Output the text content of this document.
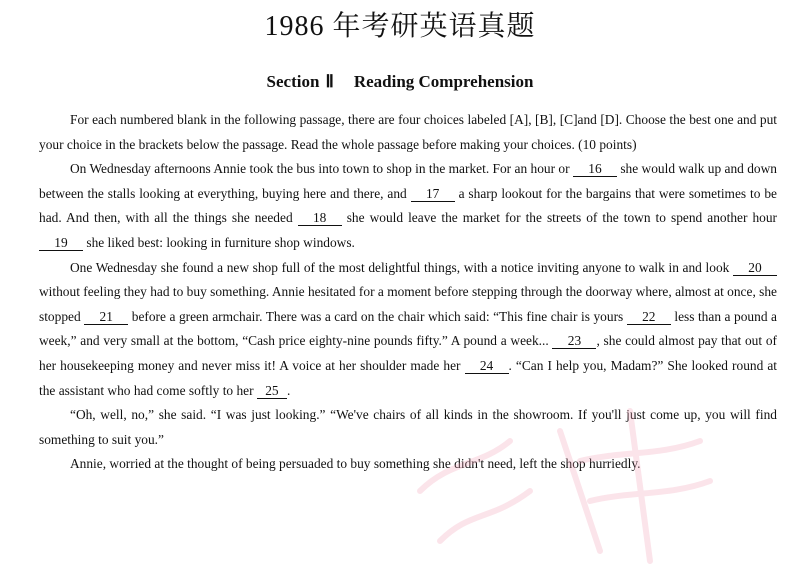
1986 年考研英语真题
Section Ⅱ Reading Comprehension

For each numbered blank in the following passage, there are four choices labeled [A], [B], [C]and [D]. Choose the best one and put your choice in the brackets below the passage. Read the whole passage before making your choices. (10 points)

On Wednesday afternoons Annie took the bus into town to shop in the market. For an hour or 16 she would walk up and down between the stalls looking at everything, buying here and there, and 17 a sharp lookout for the bargains that were sometimes to be had. And then, with all the things she needed 18 she would leave the market for the streets of the town to spend another hour 19 she liked best: looking in furniture shop windows.

One Wednesday she found a new shop full of the most delightful things, with a notice inviting anyone to walk in and look 20 without feeling they had to buy something. Annie hesitated for a moment before stepping through the doorway where, almost at once, she stopped 21 before a green armchair. There was a card on the chair which said: “This fine chair is yours 22 less than a pound a week,” and very small at the bottom, “Cash price eighty-nine pounds fifty.” A pound a week... 23 , she could almost pay that out of her housekeeping money and never miss it! A voice at her shoulder made her 24 . “Can I help you, Madam?” She looked round at the assistant who had come softly to her 25 .

“Oh, well, no,” she said. “I was just looking.” “We've chairs of all kinds in the showroom. If you'll just come up, you will find something to suit you.”

Annie, worried at the thought of being persuaded to buy something she didn't need, left the shop hurriedly.
